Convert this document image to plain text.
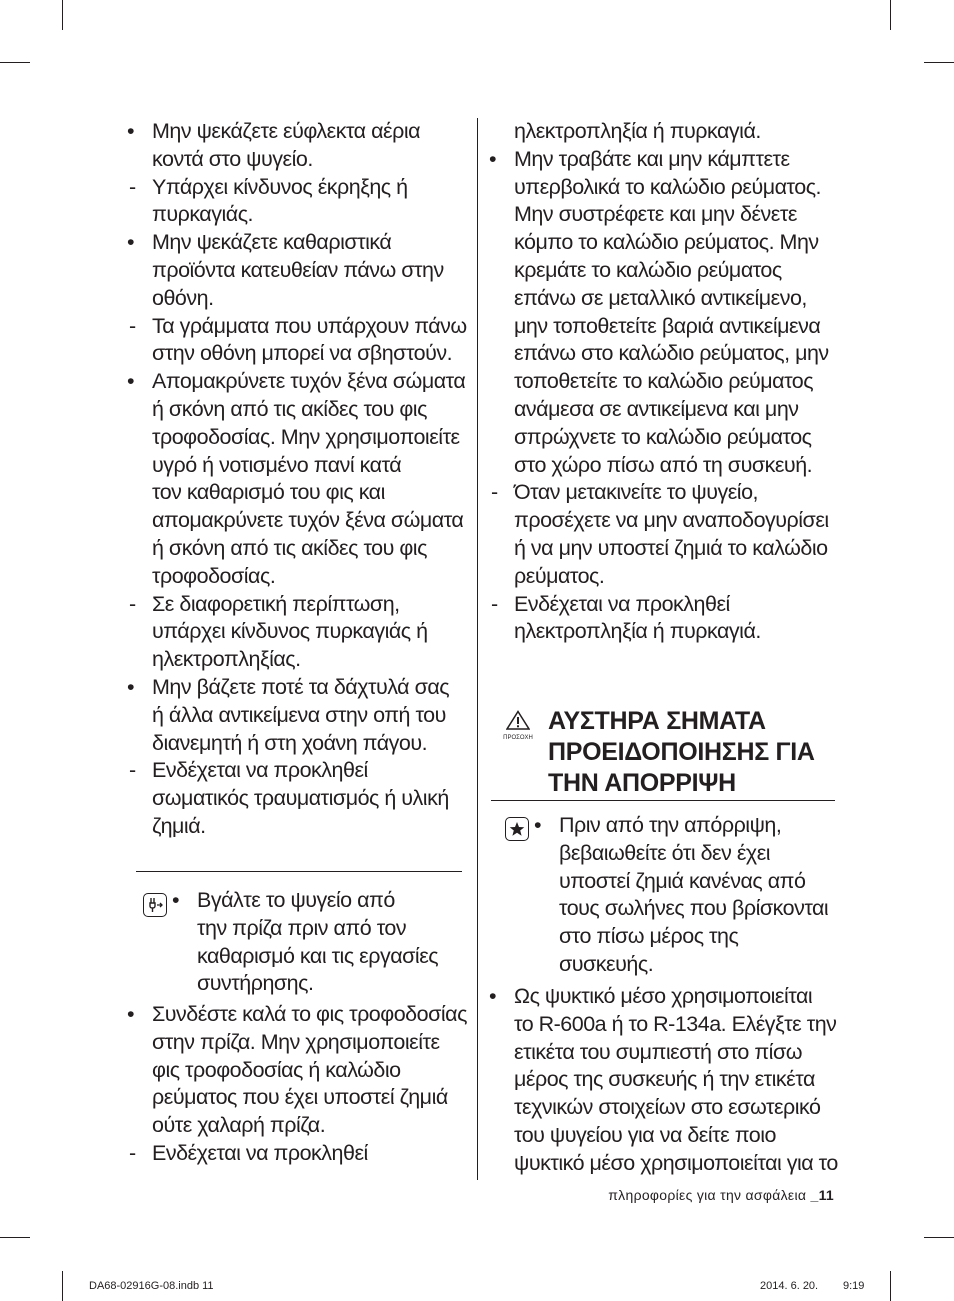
• Μην ψεκάζετε εύφλεκτα αέρια
κοντά στο ψυγείο.
- Υπάρχει κίνδυνος έκρηξης ή
πυρκαγιάς.
• Μην ψεκάζετε καθαριστικά
προϊόντα κατευθείαν πάνω στην
οθόνη.
- Τα γράμματα που υπάρχουν πάνω
στην οθόνη μπορεί να σβηστούν.
• Απομακρύνετε τυχόν ξένα σώματα
ή σκόνη από τις ακίδες του φις
τροφοδοσίας. Μην χρησιμοποιείτε
υγρό ή νοτισμένο πανί κατά
τον καθαρισμό του φις και
απομακρύνετε τυχόν ξένα σώματα
ή σκόνη από τις ακίδες του φις
τροφοδοσίας.
- Σε διαφορετική περίπτωση,
υπάρχει κίνδυνος πυρκαγιάς ή
ηλεκτροπληξίας.
• Μην βάζετε ποτέ τα δάχτυλά σας
ή άλλα αντικείμενα στην οπή του
διανεμητή ή στη χοάνη πάγου.
- Ενδέχεται να προκληθεί
σωματικός τραυματισμός ή υλική
ζημιά.
• Βγάλτε το ψυγείο από
την πρίζα πριν από τον
καθαρισμό και τις εργασίες
συντήρησης.
• Συνδέστε καλά το φις τροφοδοσίας
στην πρίζα. Μην χρησιμοποιείτε
φις τροφοδοσίας ή καλώδιο
ρεύματος που έχει υποστεί ζημιά
ούτε χαλαρή πρίζα.
- Ενδέχεται να προκληθεί
ηλεκτροπληξία ή πυρκαγιά.
• Μην τραβάτε και μην κάμπτετε
υπερβολικά το καλώδιο ρεύματος.
Μην συστρέφετε και μην δένετε
κόμπο το καλώδιο ρεύματος. Μην
κρεμάτε το καλώδιο ρεύματος
επάνω σε μεταλλικό αντικείμενο,
μην τοποθετείτε βαριά αντικείμενα
επάνω στο καλώδιο ρεύματος, μην
τοποθετείτε το καλώδιο ρεύματος
ανάμεσα σε αντικείμενα και μην
σπρώχνετε το καλώδιο ρεύματος
στο χώρο πίσω από τη συσκευή.
- Όταν μετακινείτε το ψυγείο,
προσέχετε να μην αναποδογυρίσει
ή να μην υποστεί ζημιά το καλώδιο
ρεύματος.
- Ενδέχεται να προκληθεί
ηλεκτροπληξία ή πυρκαγιά.
ΠΡΟΣΟΧΗ
ΑΥΣΤΗΡΑ ΣΗΜΑΤΑ
ΠΡΟΕΙΔΟΠΟΙΗΣΗΣ ΓΙΑ
ΤΗΝ ΑΠΟΡΡΙΨΗ
• Πριν από την απόρριψη,
βεβαιωθείτε ότι δεν έχει
υποστεί ζημιά κανένας από
τους σωλήνες που βρίσκονται
στο πίσω μέρος της
συσκευής.
• Ως ψυκτικό μέσο χρησιμοποιείται
το R-600a ή το R-134a. Ελέγξτε την
ετικέτα του συμπιεστή στο πίσω
μέρος της συσκευής ή την ετικέτα
τεχνικών στοιχείων στο εσωτερικό
του ψυγείου για να δείτε ποιο
ψυκτικό μέσο χρησιμοποιείται για το
πληροφορίες για την ασφάλεια _11
DA68-02916G-08.indb 11	2014. 6. 20. 9:19
